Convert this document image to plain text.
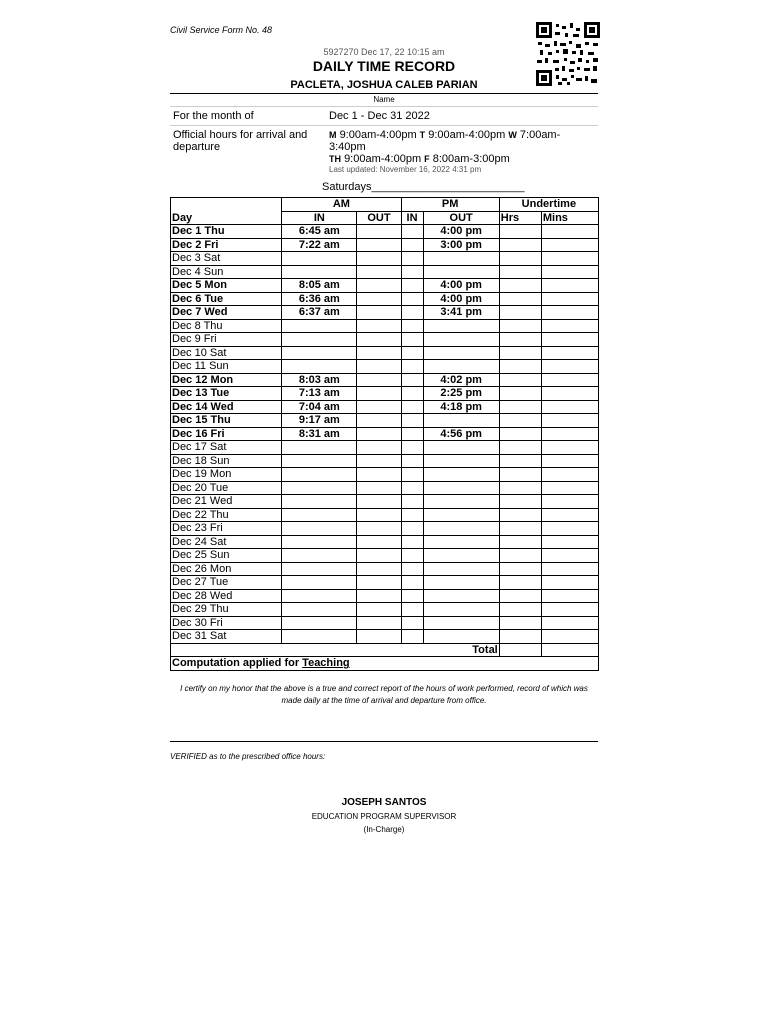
Civil Service Form No. 48
5927270 Dec 17, 22 10:15 am
DAILY TIME RECORD
PACLETA, JOSHUA CALEB PARIAN
Name
For the month of	Dec 1 - Dec 31 2022
Official hours for arrival and departure
M 9:00am-4:00pm T 9:00am-4:00pm W 7:00am-3:40pm
TH 9:00am-4:00pm F 8:00am-3:00pm
Last updated: November 16, 2022 4:31 pm
Saturdays_________________________
	AM		PM		Undertime	
Day	IN	OUT	IN	OUT	Hrs	Mins
Dec 1 Thu	6:45 am			4:00 pm		
Dec 2 Fri	7:22 am			3:00 pm		
Dec 3 Sat						
Dec 4 Sun						
Dec 5 Mon	8:05 am			4:00 pm		
Dec 6 Tue	6:36 am			4:00 pm		
Dec 7 Wed	6:37 am			3:41 pm		
Dec 8 Thu						
Dec 9 Fri						
Dec 10 Sat						
Dec 11 Sun						
Dec 12 Mon	8:03 am			4:02 pm		
Dec 13 Tue	7:13 am			2:25 pm		
Dec 14 Wed	7:04 am			4:18 pm		
Dec 15 Thu	9:17 am					
Dec 16 Fri	8:31 am			4:56 pm		
Dec 17 Sat						
Dec 18 Sun						
Dec 19 Mon						
Dec 20 Tue						
Dec 21 Wed						
Dec 22 Thu						
Dec 23 Fri						
Dec 24 Sat						
Dec 25 Sun						
Dec 26 Mon						
Dec 27 Tue						
Dec 28 Wed						
Dec 29 Thu						
Dec 30 Fri						
Dec 31 Sat						
Total						
Computation applied for Teaching						
I certify on my honor that the above is a true and correct report of the hours of work performed, record of which was made daily at the time of arrival and departure from office.
VERIFIED as to the prescribed office hours:
JOSEPH SANTOS
EDUCATION PROGRAM SUPERVISOR
(In-Charge)
